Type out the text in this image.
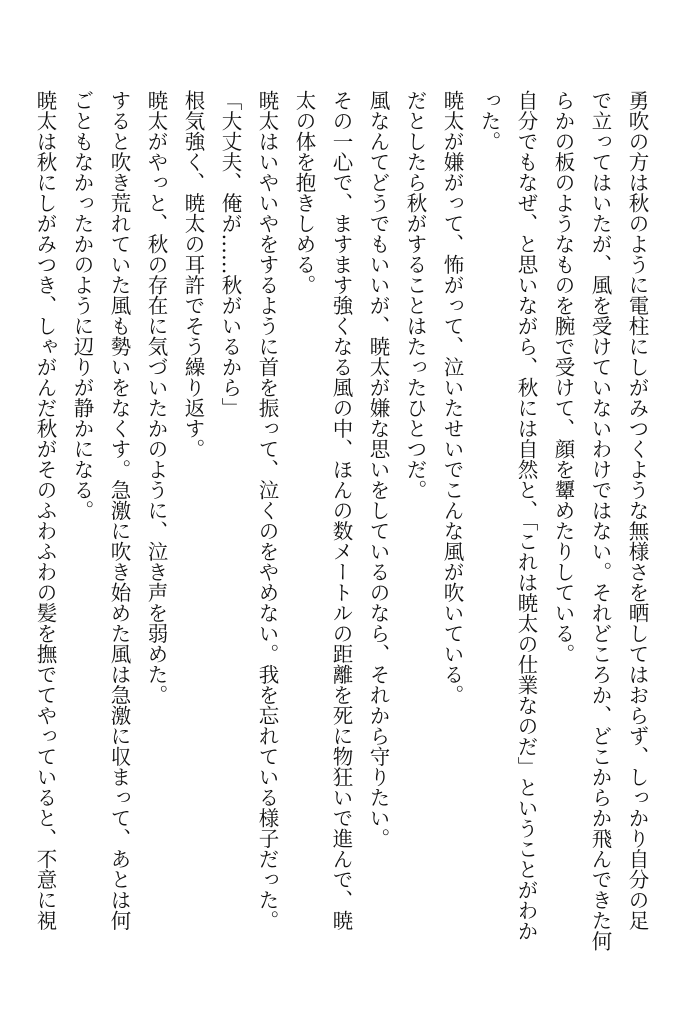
勇吹の方は秋のように電柱にしがみつくような無様さを晒してはおらず、しっかり自分の足
で立ってはいたが、風を受けていないわけではない。それどころか、どこからか飛んできた何
らかの板のようなものを腕で受けて、顔を顰めたりしている。
自分でもなぜ、と思いながら、秋には自然と、「これは暁太の仕業なのだ」ということがわか
った。
暁太が嫌がって、怖がって、泣いたせいでこんな風が吹いている。
だとしたら秋がすることはたったひとつだ。
風なんてどうでもいいが、暁太が嫌な思いをしているのなら、それから守りたい。
その一心で、ますます強くなる風の中、ほんの数メートルの距離を死に物狂いで進んで、暁
太の体を抱きしめる。
暁太はいやいやをするように首を振って、泣くのをやめない。我を忘れている様子だった。
「大丈夫、俺が……秋がいるから」
根気強く、暁太の耳許でそう繰り返す。
暁太がやっと、秋の存在に気づいたかのように、泣き声を弱めた。
すると吹き荒れていた風も勢いをなくす。急激に吹き始めた風は急激に収まって、あとは何
ごともなかったかのように辺りが静かになる。
暁太は秋にしがみつき、しゃがんだ秋がそのふわふわの髪を撫でてやっていると、不意に視
